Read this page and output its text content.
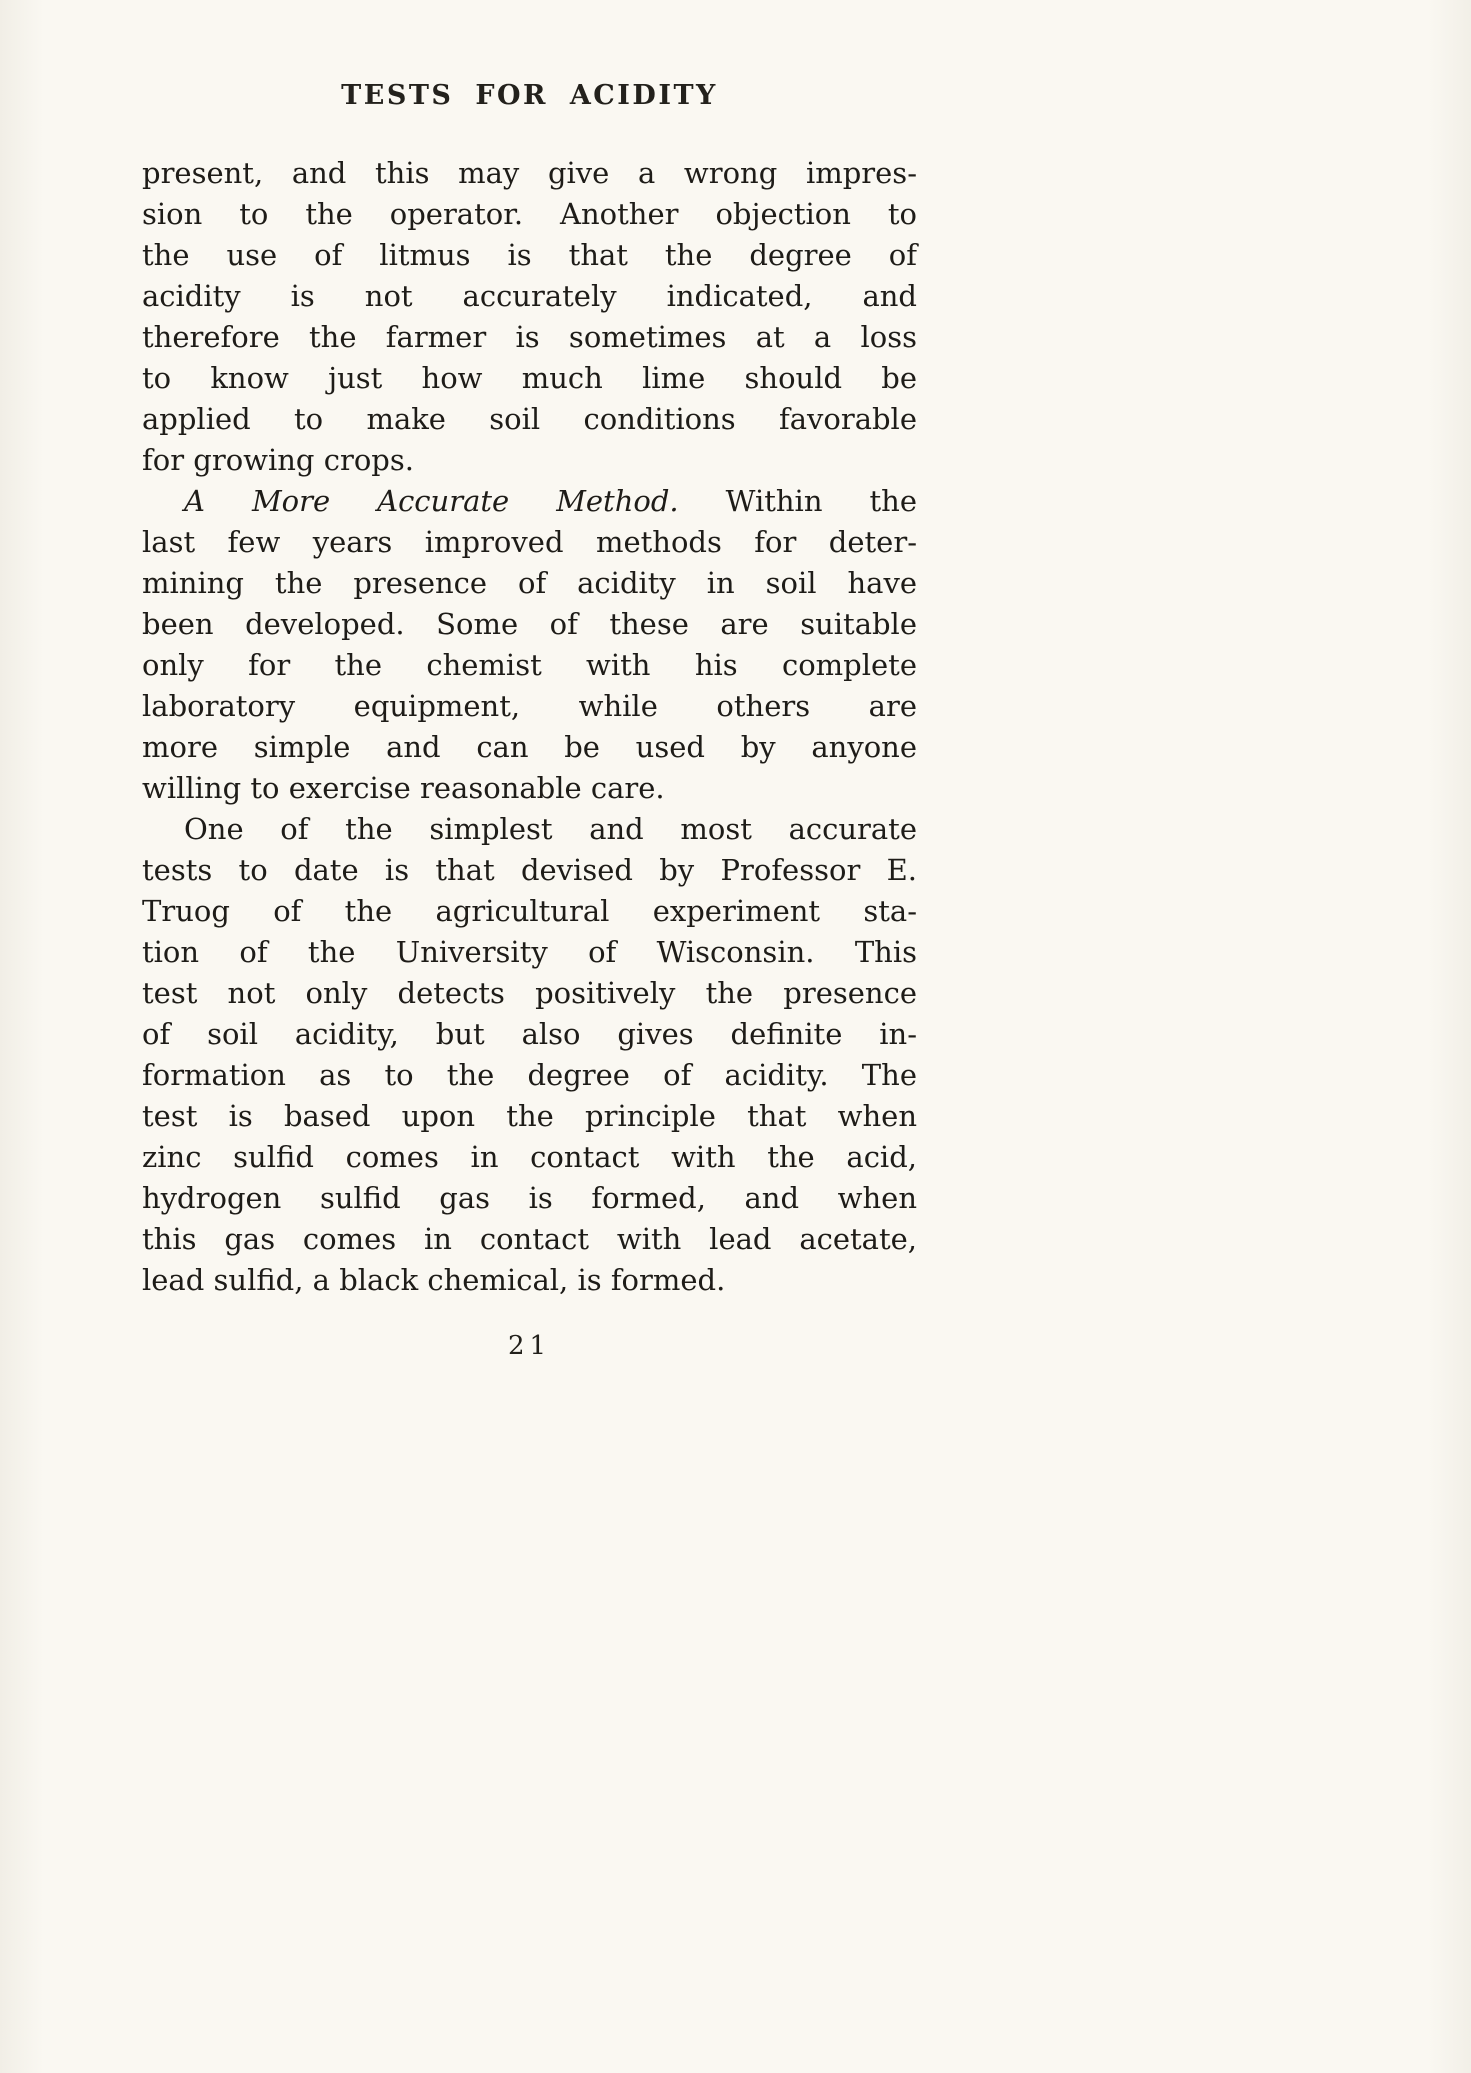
TESTS FOR ACIDITY
present, and this may give a wrong impres-
sion to the operator. Another objection to
the use of litmus is that the degree of
acidity is not accurately indicated, and
therefore the farmer is sometimes at a loss
to know just how much lime should be
applied to make soil conditions favorable
for growing crops.
A More Accurate Method. Within the
last few years improved methods for deter-
mining the presence of acidity in soil have
been developed. Some of these are suitable
only for the chemist with his complete
laboratory equipment, while others are
more simple and can be used by anyone
willing to exercise reasonable care.
One of the simplest and most accurate
tests to date is that devised by Professor E.
Truog of the agricultural experiment sta-
tion of the University of Wisconsin. This
test not only detects positively the presence
of soil acidity, but also gives definite in-
formation as to the degree of acidity. The
test is based upon the principle that when
zinc sulfid comes in contact with the acid,
hydrogen sulfid gas is formed, and when
this gas comes in contact with lead acetate,
lead sulfid, a black chemical, is formed.
21
